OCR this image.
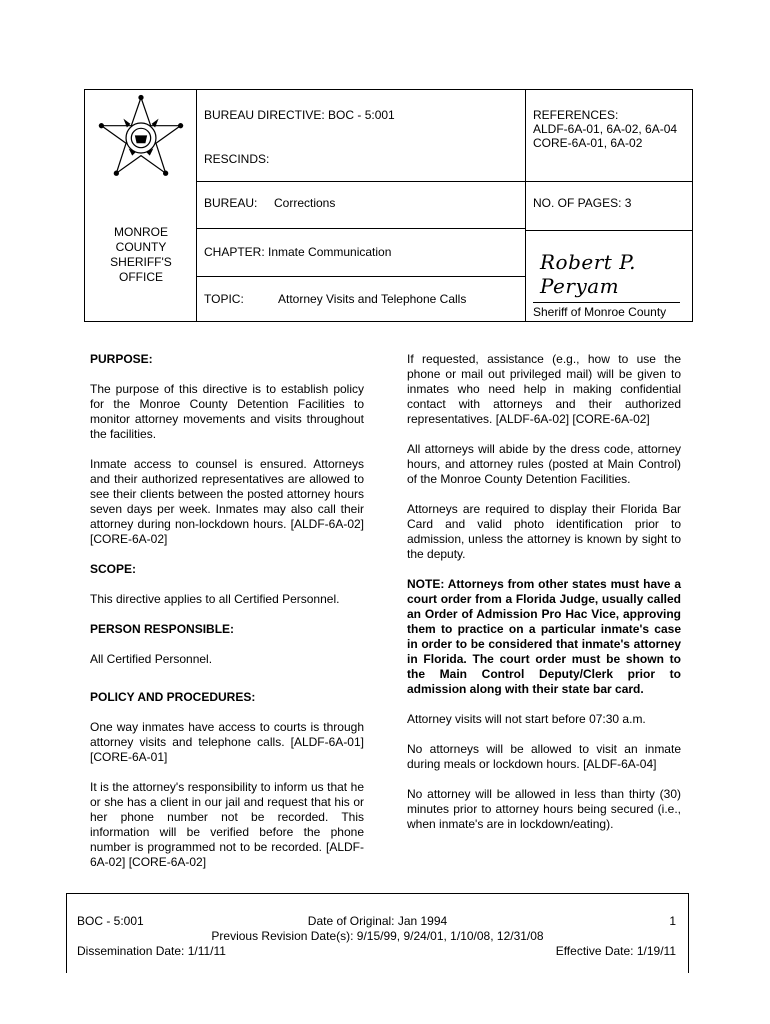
MONROE
COUNTY
SHERIFF'S
OFFICE
BUREAU DIRECTIVE: BOC - 5:001
RESCINDS:
BUREAU: Corrections
CHAPTER: Inmate Communication
TOPIC:	Attorney Visits and Telephone Calls
REFERENCES:
ALDF-6A-01, 6A-02, 6A-04
CORE-6A-01, 6A-02
NO. OF PAGES: 3
Robert P. Peryam
Sheriff of Monroe County
PURPOSE:

The purpose of this directive is to establish policy for the Monroe County Detention Facilities to monitor attorney movements and visits throughout the facilities.

Inmate access to counsel is ensured. Attorneys and their authorized representatives are allowed to see their clients between the posted attorney hours seven days per week. Inmates may also call their attorney during non-lockdown hours. [ALDF-6A-02] [CORE-6A-02]

SCOPE:

This directive applies to all Certified Personnel.

PERSON RESPONSIBLE:

All Certified Personnel.

POLICY AND PROCEDURES:

One way inmates have access to courts is through attorney visits and telephone calls. [ALDF-6A-01] [CORE-6A-01]

It is the attorney's responsibility to inform us that he or she has a client in our jail and request that his or her phone number not be recorded. This information will be verified before the phone number is programmed not to be recorded. [ALDF-6A-02] [CORE-6A-02]

If requested, assistance (e.g., how to use the phone or mail out privileged mail) will be given to inmates who need help in making confidential contact with attorneys and their authorized representatives. [ALDF-6A-02] [CORE-6A-02]

All attorneys will abide by the dress code, attorney hours, and attorney rules (posted at Main Control) of the Monroe County Detention Facilities.

Attorneys are required to display their Florida Bar Card and valid photo identification prior to admission, unless the attorney is known by sight to the deputy.

NOTE: Attorneys from other states must have a court order from a Florida Judge, usually called an Order of Admission Pro Hac Vice, approving them to practice on a particular inmate's case in order to be considered that inmate's attorney in Florida. The court order must be shown to the Main Control Deputy/Clerk prior to admission along with their state bar card.

Attorney visits will not start before 07:30 a.m.

No attorneys will be allowed to visit an inmate during meals or lockdown hours. [ALDF-6A-04]

No attorney will be allowed in less than thirty (30) minutes prior to attorney hours being secured (i.e., when inmate's are in lockdown/eating).

BOC - 5:001	Date of Original: Jan 1994	1
Previous Revision Date(s): 9/15/99, 9/24/01, 1/10/08, 12/31/08
Dissemination Date: 1/11/11	Effective Date: 1/19/11
